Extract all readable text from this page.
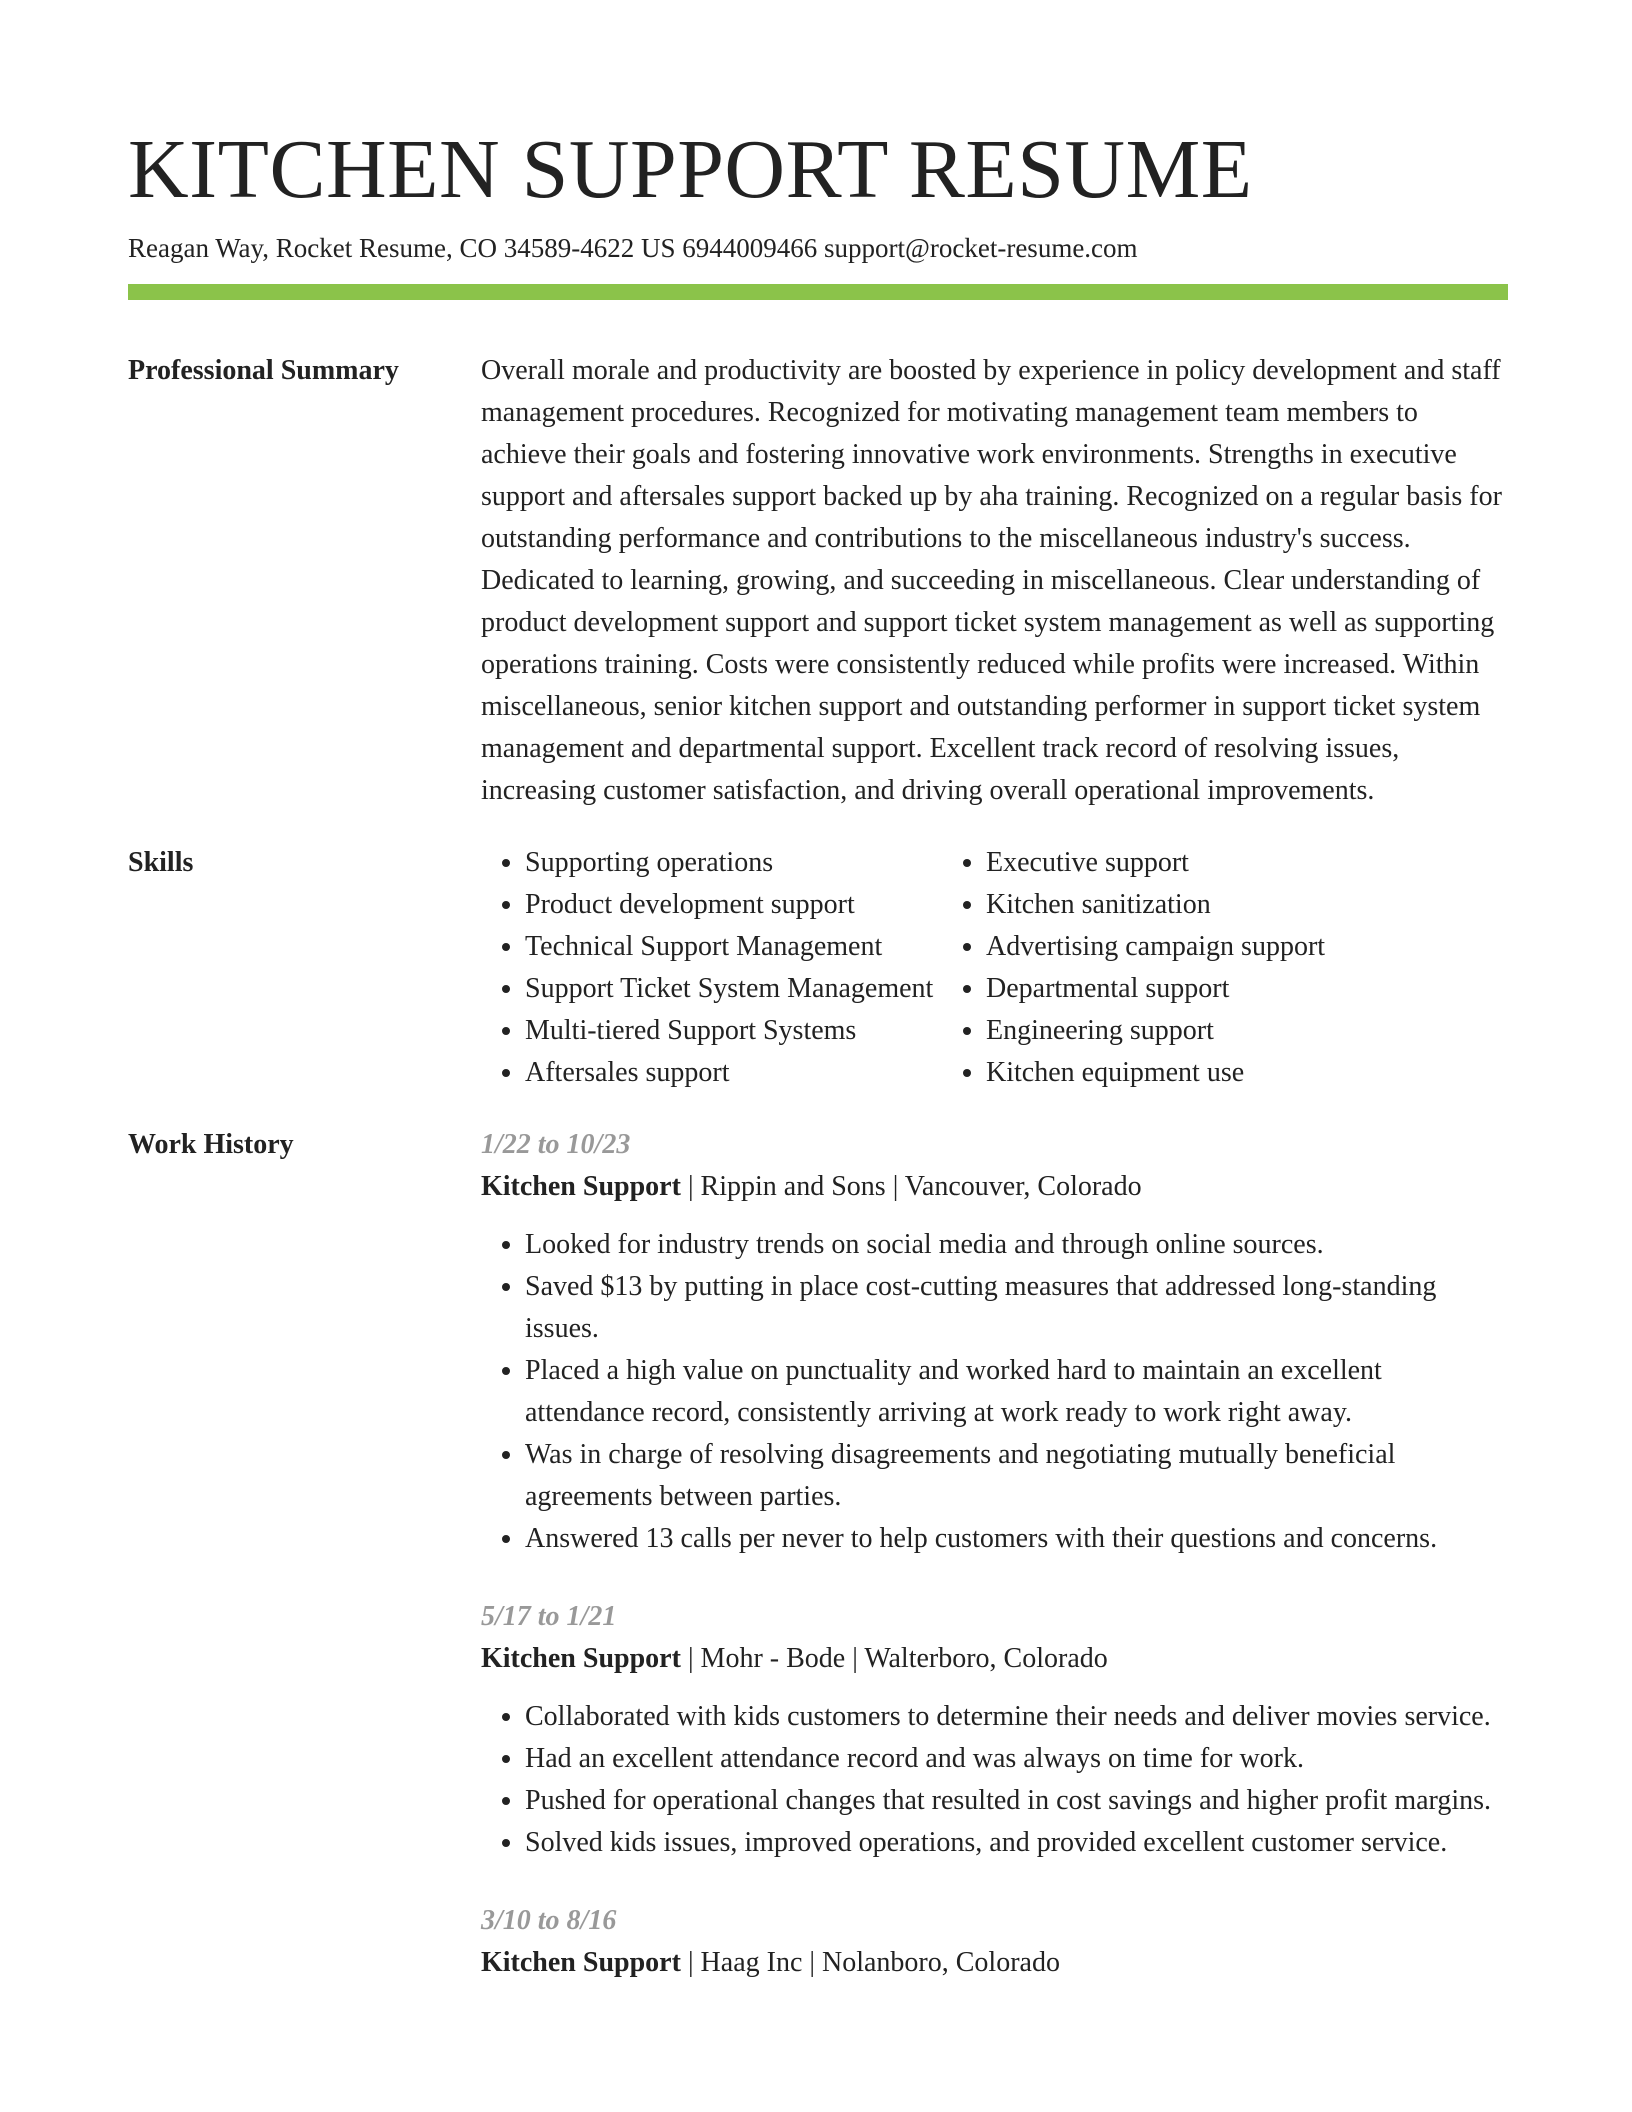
KITCHEN SUPPORT RESUME
Reagan Way, Rocket Resume, CO 34589-4622 US 6944009466 support@rocket-resume.com
Professional Summary	Overall morale and productivity are boosted by experience in policy development and staff management procedures. Recognized for motivating management team members to achieve their goals and fostering innovative work environments. Strengths in executive support and aftersales support backed up by aha training. Recognized on a regular basis for outstanding performance and contributions to the miscellaneous industry's success. Dedicated to learning, growing, and succeeding in miscellaneous. Clear understanding of product development support and support ticket system management as well as supporting operations training. Costs were consistently reduced while profits were increased. Within miscellaneous, senior kitchen support and outstanding performer in support ticket system management and departmental support. Excellent track record of resolving issues, increasing customer satisfaction, and driving overall operational improvements.

Skills
•	Supporting operations
• Product development support
• Technical Support Management
• Support Ticket System Management
• Multi-tiered Support Systems
• Aftersales support
• Executive support
• Kitchen sanitization
• Advertising campaign support
• Departmental support
• Engineering support
• Kitchen equipment use
Work History	1/22 to 10/23
Kitchen Support | Rippin and Sons | Vancouver, Colorado
• Looked for industry trends on social media and through online sources.
• Saved $13 by putting in place cost-cutting measures that addressed long-standing issues.
• Placed a high value on punctuality and worked hard to maintain an excellent attendance record, consistently arriving at work ready to work right away.
• Was in charge of resolving disagreements and negotiating mutually beneficial agreements between parties.
• Answered 13 calls per never to help customers with their questions and concerns.
5/17 to 1/21
Kitchen Support | Mohr - Bode | Walterboro, Colorado
• Collaborated with kids customers to determine their needs and deliver movies service.
• Had an excellent attendance record and was always on time for work.
• Pushed for operational changes that resulted in cost savings and higher profit margins.
• Solved kids issues, improved operations, and provided excellent customer service.
3/10 to 8/16
Kitchen Support | Haag Inc | Nolanboro, Colorado
